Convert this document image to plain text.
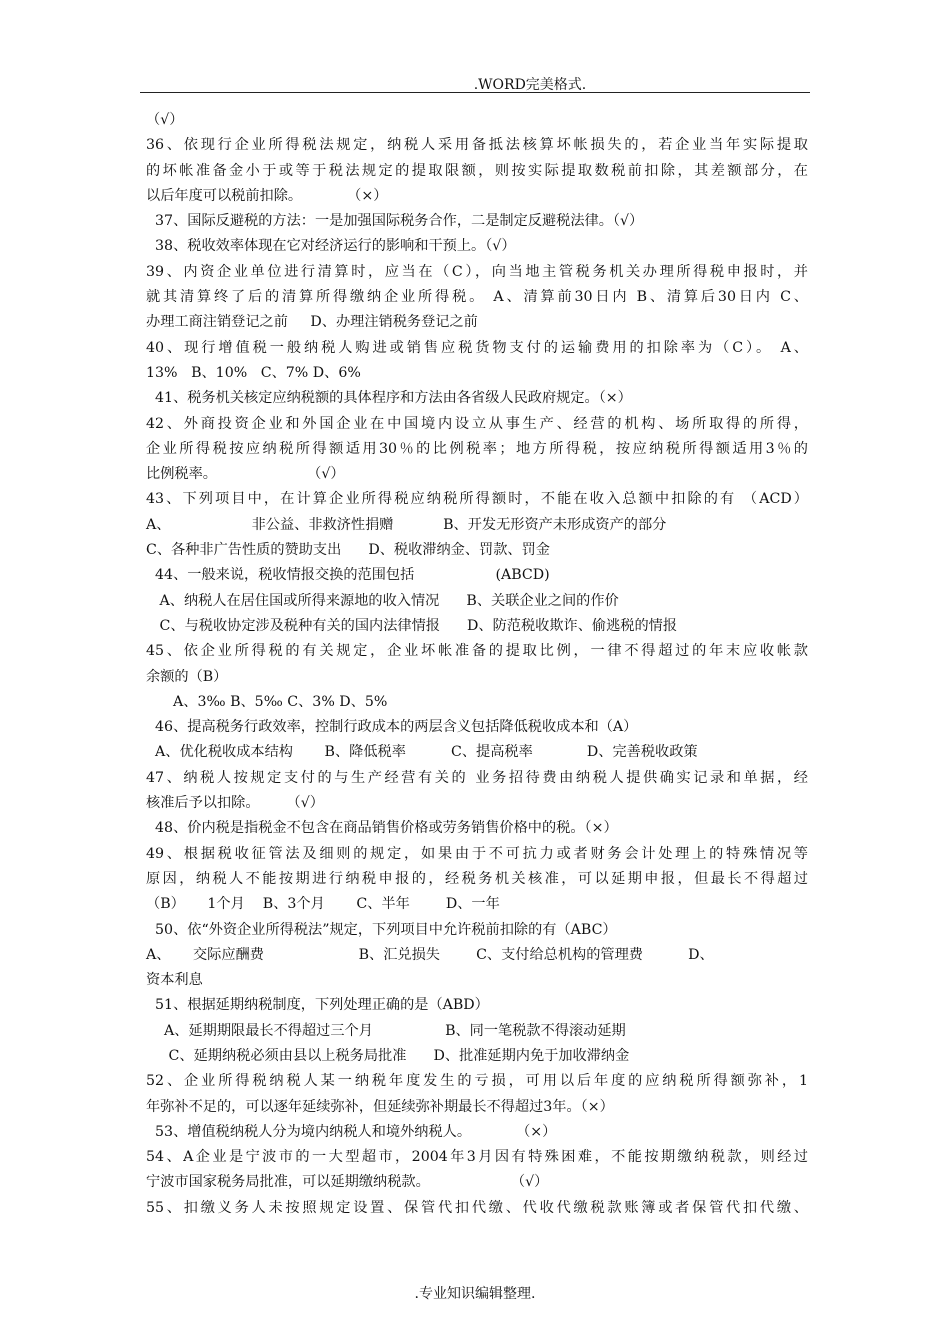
.WORD完美格式.
（√）
36、依现行企业所得税法规定，纳税人采用备抵法核算坏帐损失的，若企业当年实际提取
的坏帐准备金小于或等于税法规定的提取限额，则按实际提取数税前扣除，其差额部分，在
以后年度可以税前扣除。          （×）
37、国际反避税的方法：一是加强国际税务合作，二是制定反避税法律。（√）
38、税收效率体现在它对经济运行的影响和干预上。（√）
39、内资企业单位进行清算时，应当在（C），向当地主管税务机关办理所得税申报时，并
就其清算终了后的清算所得缴纳企业所得税。 A、清算前30日内 B、清算后30日内 C、
办理工商注销登记之前     D、办理注销税务登记之前
40、现行增值税一般纳税人购进或销售应税货物支付的运输费用的扣除率为（C）。 A、
13%   B、10%   C、7% D、6%
41、税务机关核定应纳税额的具体程序和方法由各省级人民政府规定。（×）
42、外商投资企业和外国企业在中国境内设立从事生产、经营的机构、场所取得的所得，
企业所得税按应纳税所得额适用30％的比例税率；地方所得税，按应纳税所得额适用3％的
比例税率。                    （√）
43、下列项目中，在计算企业所得税应纳税所得额时，不能在收入总额中扣除的有 （ACD）
A、                  非公益、非救济性捐赠           B、开发无形资产未形成资产的部分
C、各种非广告性质的赞助支出      D、税收滞纳金、罚款、罚金
44、一般来说，税收情报交换的范围包括                  (ABCD)
A、纳税人在居住国或所得来源地的收入情况      B、关联企业之间的作价
C、与税收协定涉及税种有关的国内法律情报      D、防范税收欺诈、偷逃税的情报
45、依企业所得税的有关规定，企业坏帐准备的提取比例，一律不得超过的年末应收帐款
余额的（B）
A、3‰ B、5‰ C、3% D、5%
46、提高税务行政效率，控制行政成本的两层含义包括降低税收成本和（A）
A、优化税收成本结构       B、降低税率          C、提高税率            D、完善税收政策
47、纳税人按规定支付的与生产经营有关的 业务招待费由纳税人提供确实记录和单据，经
核准后予以扣除。      （√）
48、价内税是指税金不包含在商品销售价格或劳务销售价格中的税。（×）
49、根据税收征管法及细则的规定，如果由于不可抗力或者财务会计处理上的特殊情况等
原因，纳税人不能按期进行纳税申报的，经税务机关核准，可以延期申报，但最长不得超过
（B）     1个月    B、3个月       C、半年        D、一年
50、依“外资企业所得税法”规定，下列项目中允许税前扣除的有（ABC）
A、     交际应酬费                     B、汇兑损失        C、支付给总机构的管理费          D、
资本利息
51、根据延期纳税制度，下列处理正确的是（ABD）
A、延期期限最长不得超过三个月                B、同一笔税款不得滚动延期
C、延期纳税必须由县以上税务局批准      D、批准延期内免于加收滞纳金
52、企业所得税纳税人某一纳税年度发生的亏损，可用以后年度的应纳税所得额弥补，1
年弥补不足的，可以逐年延续弥补，但延续弥补期最长不得超过3年。（×）
53、增值税纳税人分为境内纳税人和境外纳税人。          （×）
54、A企业是宁波市的一大型超市，2004年3月因有特殊困难，不能按期缴纳税款，则经过
宁波市国家税务局批准，可以延期缴纳税款。                  （√）
55、扣缴义务人未按照规定设置、保管代扣代缴、代收代缴税款账簿或者保管代扣代缴、
.专业知识编辑整理.
